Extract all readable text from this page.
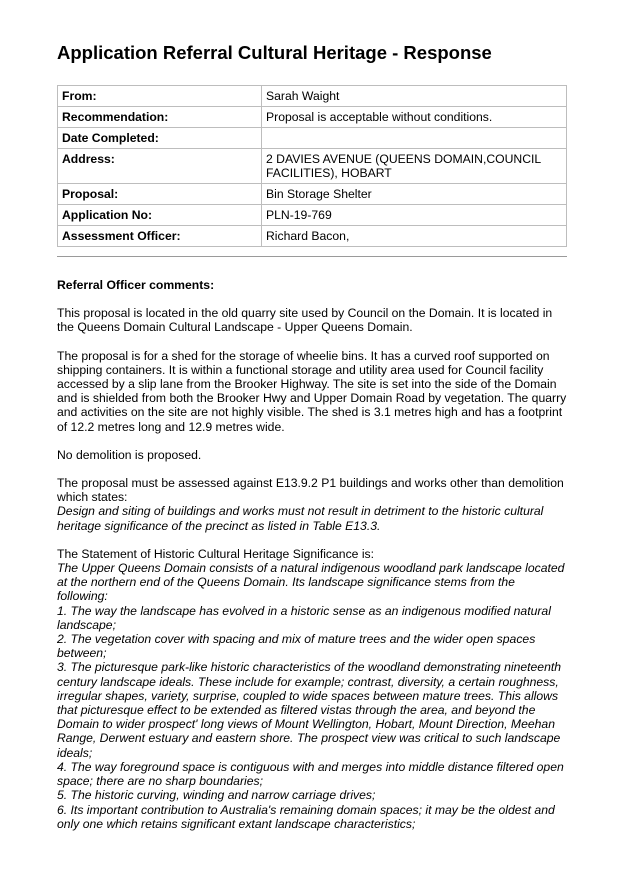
Application Referral Cultural Heritage - Response
From:	Sarah Waight
Recommendation:	Proposal is acceptable without conditions.
Date Completed:	
Address:	2 DAVIES AVENUE (QUEENS DOMAIN,COUNCIL FACILITIES), HOBART
Proposal:	Bin Storage Shelter
Application No:	PLN-19-769
Assessment Officer:	Richard Bacon,

Referral Officer comments:

This proposal is located in the old quarry site used by Council on the Domain. It is located in the Queens Domain Cultural Landscape - Upper Queens Domain.

The proposal is for a shed for the storage of wheelie bins. It has a curved roof supported on shipping containers. It is within a functional storage and utility area used for Council facility accessed by a slip lane from the Brooker Highway. The site is set into the side of the Domain and is shielded from both the Brooker Hwy and Upper Domain Road by vegetation. The quarry and activities on the site are not highly visible. The shed is 3.1 metres high and has a footprint of 12.2 metres long and 12.9 metres wide.

No demolition is proposed.

The proposal must be assessed against E13.9.2 P1 buildings and works other than demolition which states:
Design and siting of buildings and works must not result in detriment to the historic cultural heritage significance of the precinct as listed in Table E13.3.

The Statement of Historic Cultural Heritage Significance is:

The Upper Queens Domain consists of a natural indigenous woodland park landscape located at the northern end of the Queens Domain. Its landscape significance stems from the following:
1. The way the landscape has evolved in a historic sense as an indigenous modified natural landscape;
2. The vegetation cover with spacing and mix of mature trees and the wider open spaces between;
3. The picturesque park-like historic characteristics of the woodland demonstrating nineteenth century landscape ideals. These include for example; contrast, diversity, a certain roughness, irregular shapes, variety, surprise, coupled to wide spaces between mature trees. This allows that picturesque effect to be extended as filtered vistas through the area, and beyond the Domain to wider prospect' long views of Mount Wellington, Hobart, Mount Direction, Meehan Range, Derwent estuary and eastern shore. The prospect view was critical to such landscape ideals;
4. The way foreground space is contiguous with and merges into middle distance filtered open space; there are no sharp boundaries;
5. The historic curving, winding and narrow carriage drives;
6. Its important contribution to Australia's remaining domain spaces; it may be the oldest and only one which retains significant extant landscape characteristics;
